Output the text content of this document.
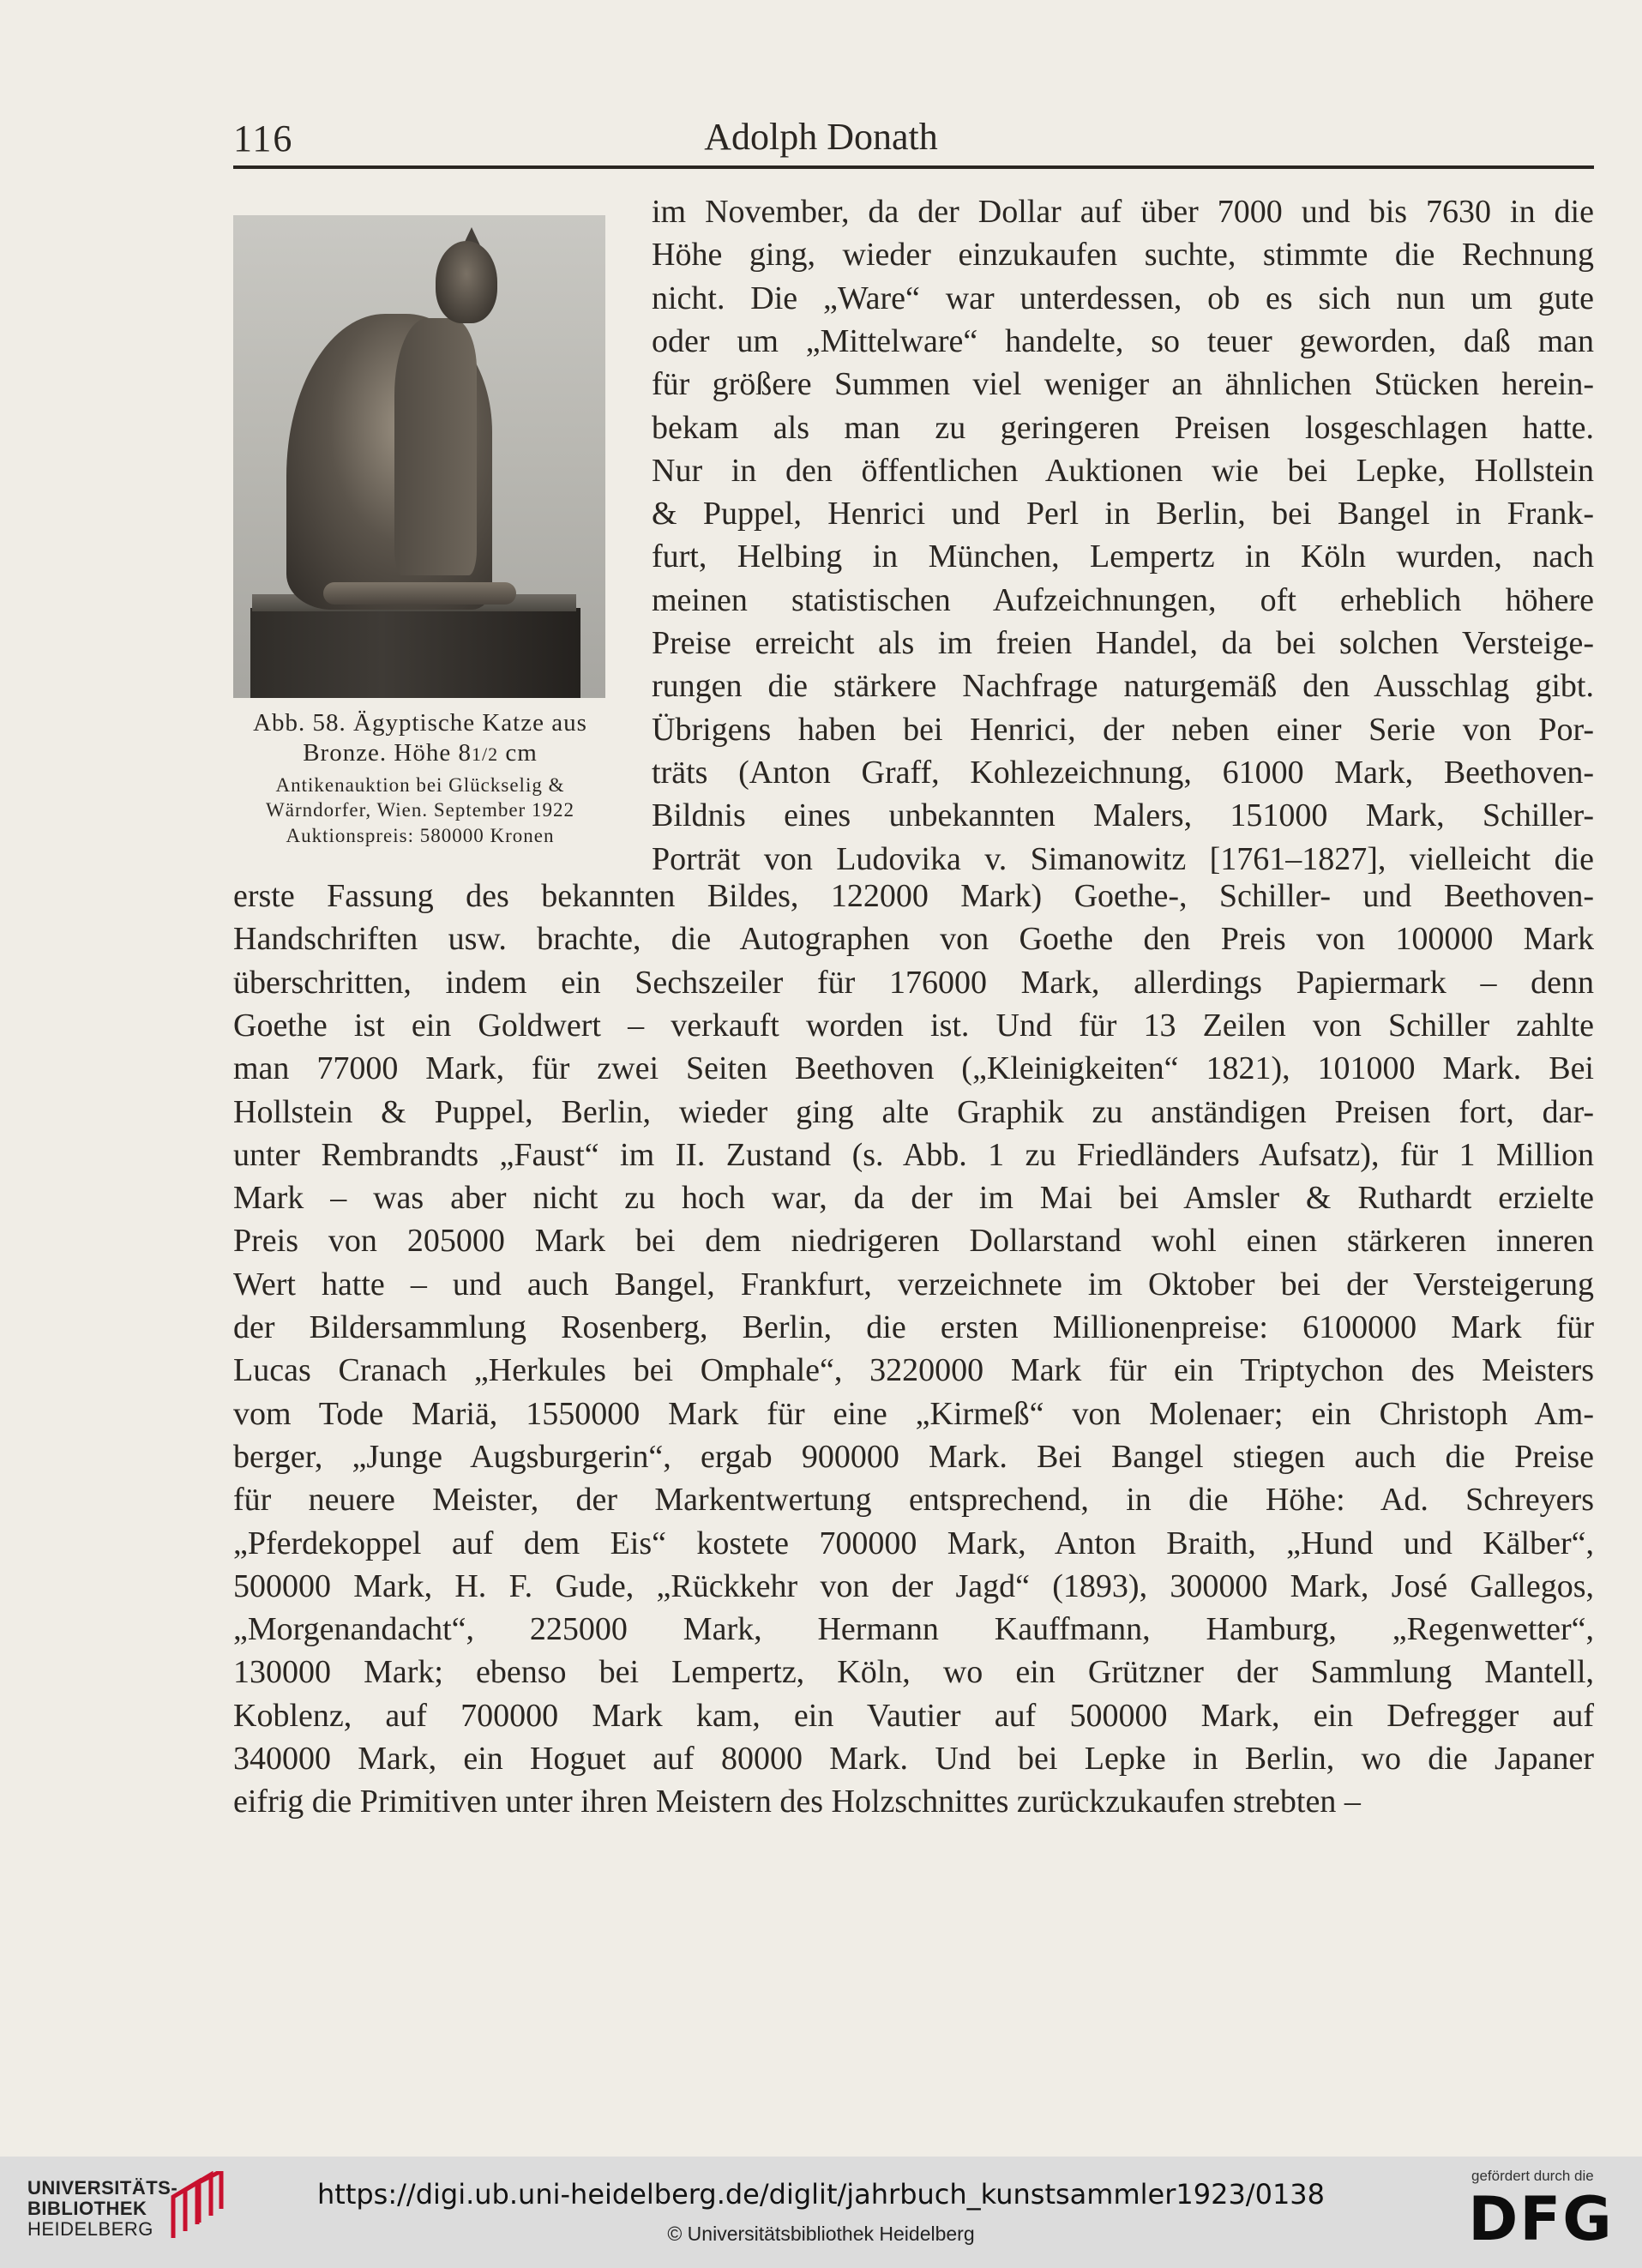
116	Adolph Donath
Abb. 58. Ägyptische Katze aus
Bronze. Höhe 81/2 cm
Antikenauktion bei Glückselig &
Wärndorfer, Wien. September 1922
Auktionspreis: 580000 Kronen

im November, da der Dollar auf über 7000 und bis 7630 in die

Höhe ging, wieder einzukaufen suchte, stimmte die Rechnung

nicht. Die „Ware“ war unterdessen, ob es sich nun um gute

oder um „Mittelware“ handelte, so teuer geworden, daß man

für größere Summen viel weniger an ähnlichen Stücken herein-

bekam als man zu geringeren Preisen losgeschlagen hatte.

Nur in den öffentlichen Auktionen wie bei Lepke, Hollstein

& Puppel, Henrici und Perl in Berlin, bei Bangel in Frank-

furt, Helbing in München, Lempertz in Köln wurden, nach

meinen statistischen Aufzeichnungen, oft erheblich höhere

Preise erreicht als im freien Handel, da bei solchen Versteige-

rungen die stärkere Nachfrage naturgemäß den Ausschlag gibt.

Übrigens haben bei Henrici, der neben einer Serie von Por-

träts (Anton Graff, Kohlezeichnung, 61000 Mark, Beethoven-

Bildnis eines unbekannten Malers, 151000 Mark, Schiller-

Porträt von Ludovika v. Simanowitz [1761–1827], vielleicht die

erste Fassung des bekannten Bildes, 122000 Mark) Goethe-, Schiller- und Beethoven-

Handschriften usw. brachte, die Autographen von Goethe den Preis von 100000 Mark

überschritten, indem ein Sechszeiler für 176000 Mark, allerdings Papiermark – denn

Goethe ist ein Goldwert – verkauft worden ist. Und für 13 Zeilen von Schiller zahlte

man 77000 Mark, für zwei Seiten Beethoven („Kleinigkeiten“ 1821), 101000 Mark. Bei

Hollstein & Puppel, Berlin, wieder ging alte Graphik zu anständigen Preisen fort, dar-

unter Rembrandts „Faust“ im II. Zustand (s. Abb. 1 zu Friedländers Aufsatz), für 1 Million

Mark – was aber nicht zu hoch war, da der im Mai bei Amsler & Ruthardt erzielte

Preis von 205000 Mark bei dem niedrigeren Dollarstand wohl einen stärkeren inneren

Wert hatte – und auch Bangel, Frankfurt, verzeichnete im Oktober bei der Versteigerung

der Bildersammlung Rosenberg, Berlin, die ersten Millionenpreise: 6100000 Mark für

Lucas Cranach „Herkules bei Omphale“, 3220000 Mark für ein Triptychon des Meisters

vom Tode Mariä, 1550000 Mark für eine „Kirmeß“ von Molenaer; ein Christoph Am-

berger, „Junge Augsburgerin“, ergab 900000 Mark. Bei Bangel stiegen auch die Preise

für neuere Meister, der Markentwertung entsprechend, in die Höhe: Ad. Schreyers

„Pferdekoppel auf dem Eis“ kostete 700000 Mark, Anton Braith, „Hund und Kälber“,

500000 Mark, H. F. Gude, „Rückkehr von der Jagd“ (1893), 300000 Mark, José Gallegos,

„Morgenandacht“, 225000 Mark, Hermann Kauffmann, Hamburg, „Regenwetter“,

130000 Mark; ebenso bei Lempertz, Köln, wo ein Grützner der Sammlung Mantell,

Koblenz, auf 700000 Mark kam, ein Vautier auf 500000 Mark, ein Defregger auf

340000 Mark, ein Hoguet auf 80000 Mark. Und bei Lepke in Berlin, wo die Japaner

eifrig die Primitiven unter ihren Meistern des Holzschnittes zurückzukaufen strebten –

UNIVERSITÄTS-
BIBLIOTHEK
HEIDELBERG
https://digi.ub.uni-heidelberg.de/diglit/jahrbuch_kunstsammler1923/0138
© Universitätsbibliothek Heidelberg
gefördert durch die
DFG
